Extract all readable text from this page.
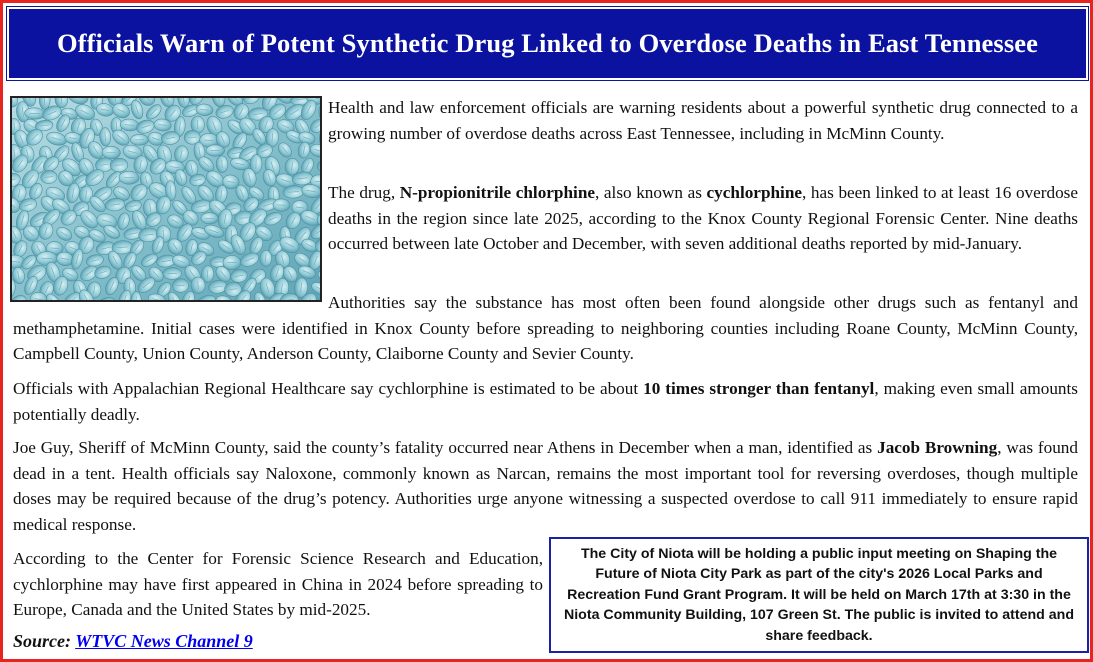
Officials Warn of Potent Synthetic Drug Linked to Overdose Deaths in East Tennessee

Health and law enforcement officials are warning residents about a powerful synthetic drug connected to a growing number of overdose deaths across East Tennessee, including in McMinn County.

The drug, N-propionitrile chlorphine, also known as cychlorphine, has been linked to at least 16 overdose deaths in the region since late 2025, according to the Knox County Regional Forensic Center. Nine deaths occurred between late October and December, with seven additional deaths reported by mid-January.

Authorities say the substance has most often been found alongside other drugs such as fentanyl and methamphetamine. Initial cases were identified in Knox County before spreading to neighboring counties including Roane County, McMinn County, Campbell County, Union County, Anderson County, Claiborne County and Sevier County.

Officials with Appalachian Regional Healthcare say cychlorphine is estimated to be about 10 times stronger than fentanyl, making even small amounts potentially deadly.

Joe Guy, Sheriff of McMinn County, said the county’s fatality occurred near Athens in December when a man, identified as Jacob Browning, was found dead in a tent. Health officials say Naloxone, commonly known as Narcan, remains the most important tool for reversing overdoses, though multiple doses may be required because of the drug’s potency. Authorities urge anyone witnessing a suspected overdose to call 911 immediately to ensure rapid medical response.

According to the Center for Forensic Science Research and Education, cychlorphine may have first appeared in China in 2024 before spreading to Europe, Canada and the United States by mid-2025.

Source: WTVC News Channel 9

The City of Niota will be holding a public input meeting on Shaping the Future of Niota City Park as part of the city's 2026 Local Parks and Recreation Fund Grant Program. It will be held on March 17th at 3:30 in the Niota Community Building, 107 Green St. The public is invited to attend and share feedback.
